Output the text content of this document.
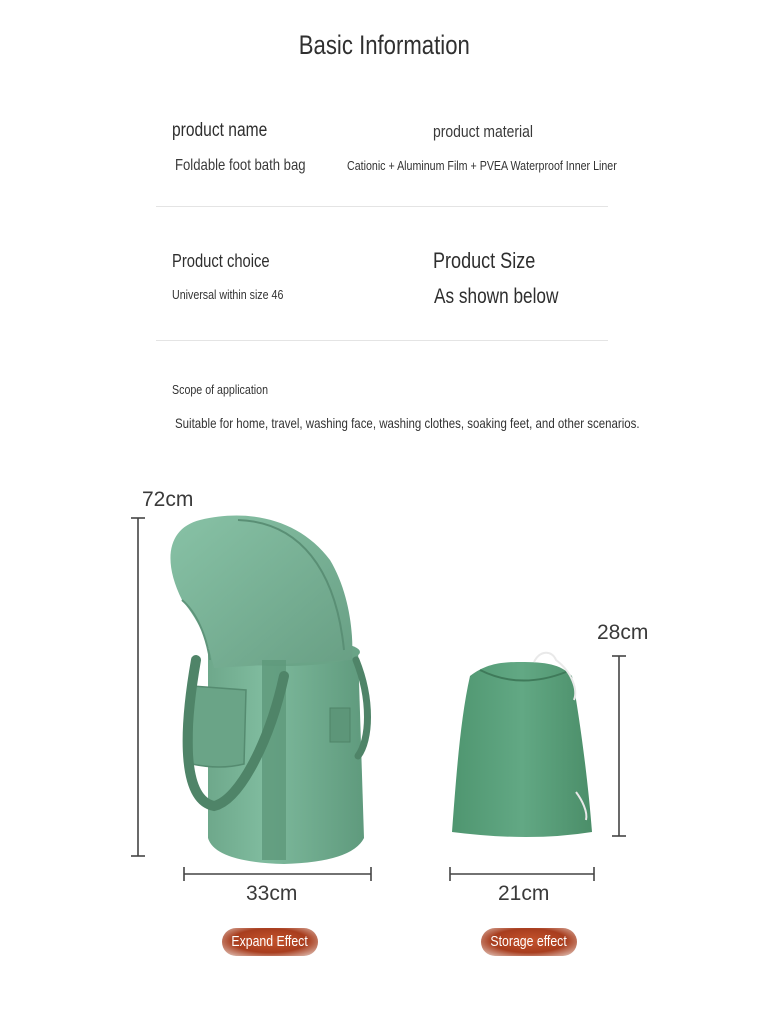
Basic Information
product name
Foldable foot bath bag
product material
Cationic + Aluminum Film + PVEA Waterproof Inner Liner
Product choice
Universal within size 46
Product Size
As shown below
Scope of application
Suitable for home, travel, washing face, washing clothes, soaking feet, and other scenarios.
72cm
33cm
28cm
21cm
Expand Effect	Storage effect
